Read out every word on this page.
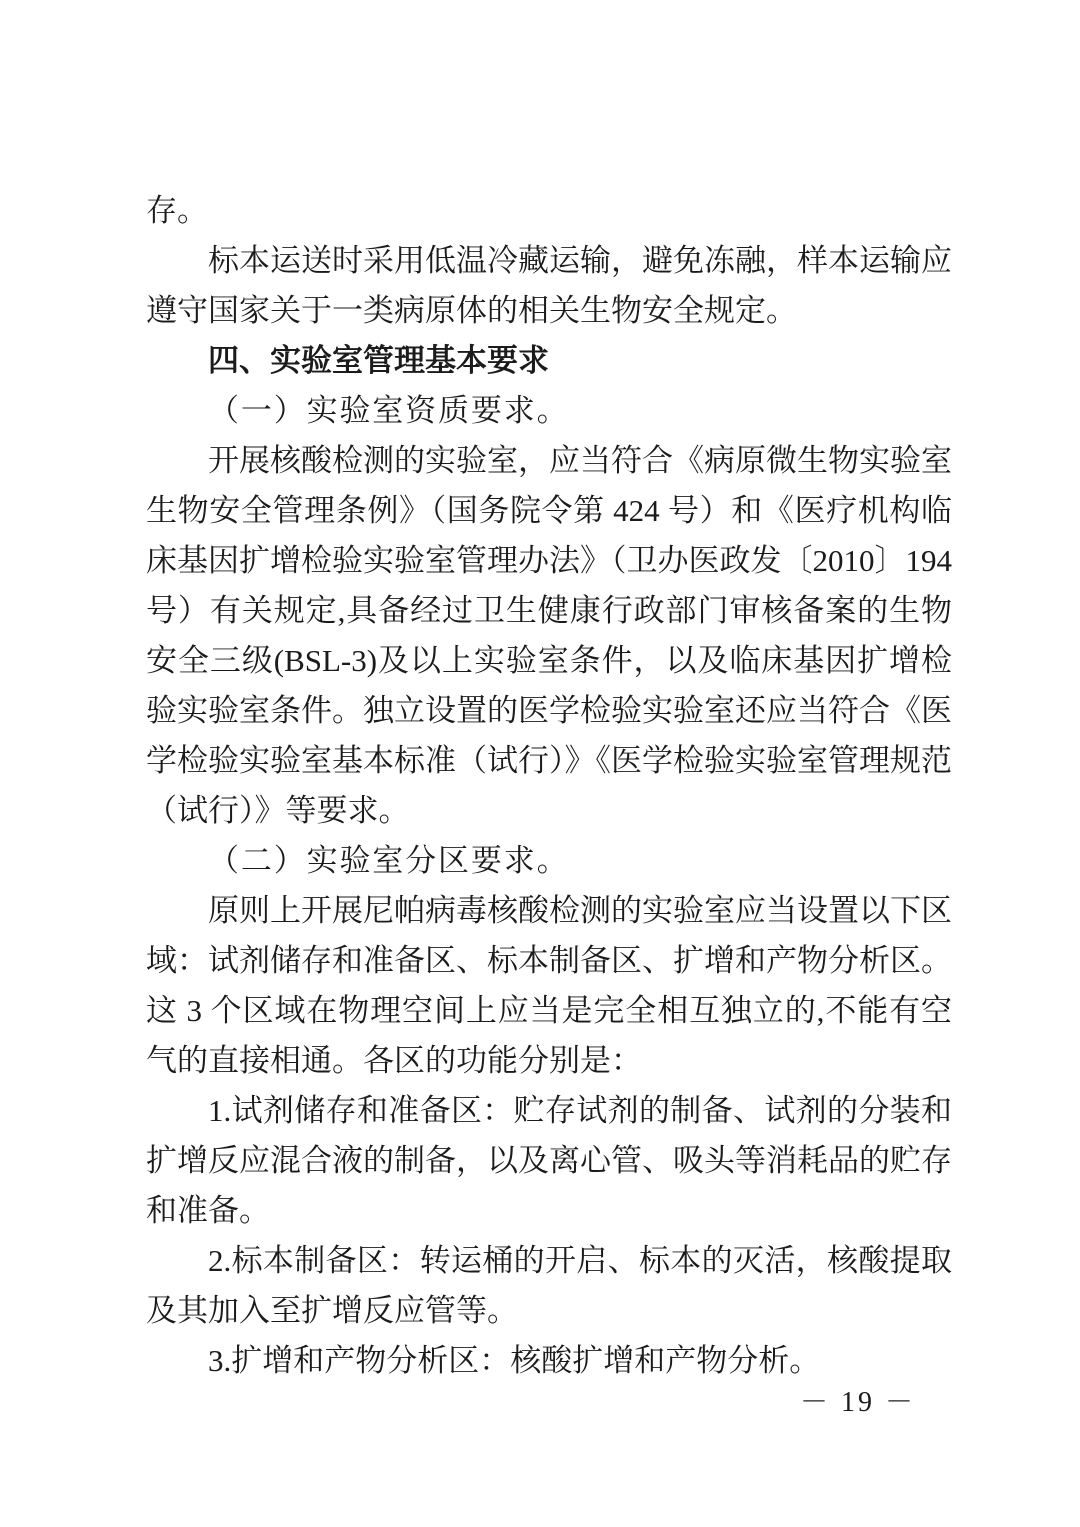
存。

标本运送时采用低温冷藏运输，避免冻融，样本运输应遵守国家关于一类病原体的相关生物安全规定。

四、实验室管理基本要求

（一）实验室资质要求。

开展核酸检测的实验室，应当符合《病原微生物实验室生物安全管理条例》（国务院令第 424 号）和《医疗机构临床基因扩增检验实验室管理办法》（卫办医政发〔2010〕194 号）有关规定,具备经过卫生健康行政部门审核备案的生物安全三级(BSL-3)及以上实验室条件，以及临床基因扩增检验实验室条件。独立设置的医学检验实验室还应当符合《医学检验实验室基本标准（试行）》《医学检验实验室管理规范（试行）》等要求。

（二）实验室分区要求。

原则上开展尼帕病毒核酸检测的实验室应当设置以下区域：试剂储存和准备区、标本制备区、扩增和产物分析区。这 3 个区域在物理空间上应当是完全相互独立的,不能有空气的直接相通。各区的功能分别是：

1.试剂储存和准备区：贮存试剂的制备、试剂的分装和扩增反应混合液的制备，以及离心管、吸头等消耗品的贮存和准备。

2.标本制备区：转运桶的开启、标本的灭活，核酸提取及其加入至扩增反应管等。

3.扩增和产物分析区：核酸扩增和产物分析。

－ 19 －
